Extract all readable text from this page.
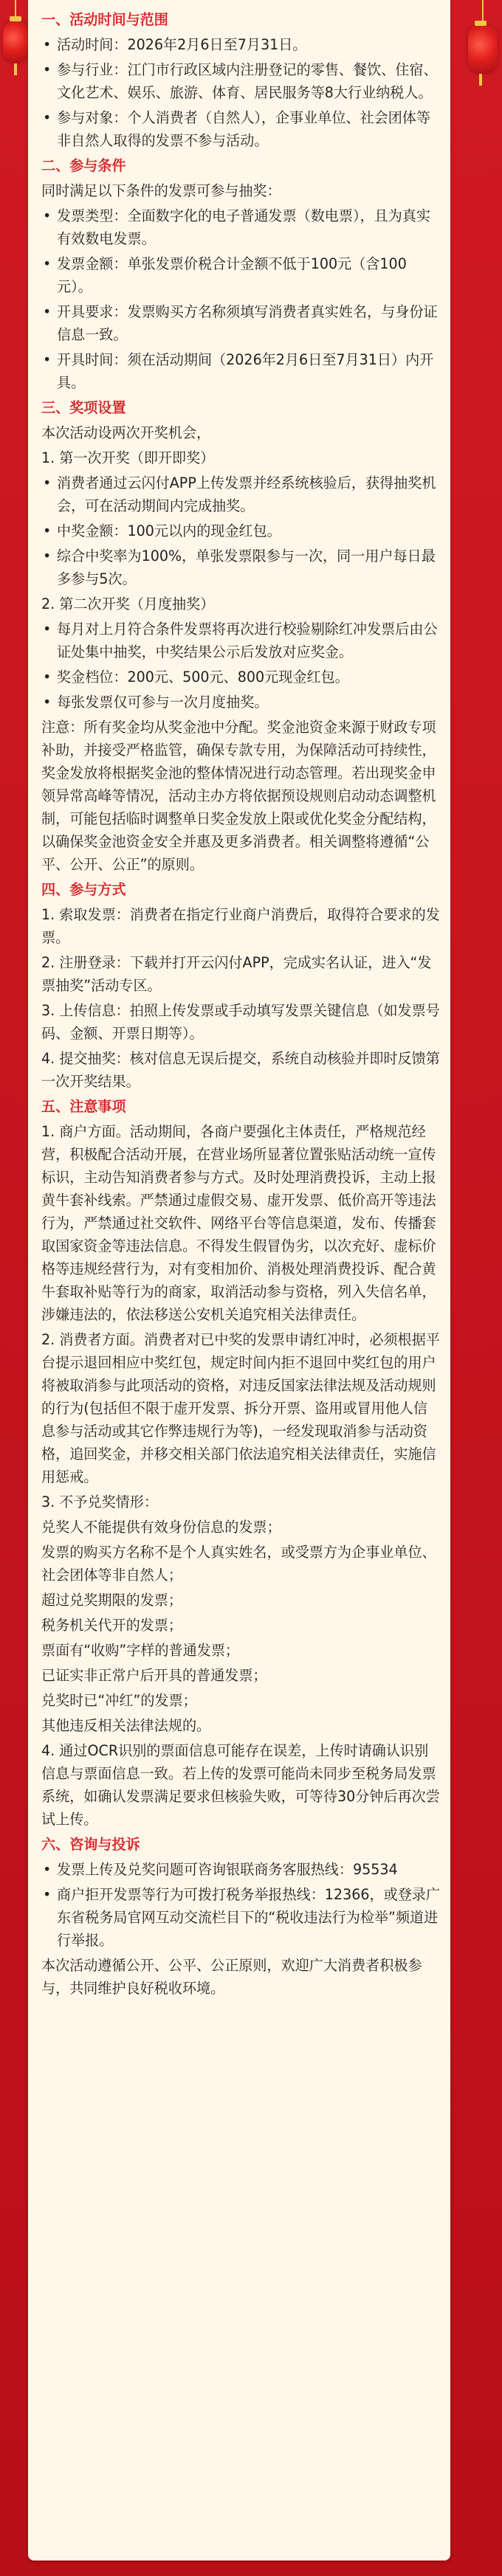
一、活动时间与范围
• 活动时间：2026年2月6日至7月31日。
• 参与行业：江门市行政区域内注册登记的零售、餐饮、住宿、文化艺术、娱乐、旅游、体育、居民服务等8大行业纳税人。
• 参与对象：个人消费者（自然人），企事业单位、社会团体等非自然人取得的发票不参与活动。
二、参与条件
同时满足以下条件的发票可参与抽奖：
• 发票类型：全面数字化的电子普通发票（数电票），且为真实有效数电发票。
• 发票金额：单张发票价税合计金额不低于100元（含100元）。
• 开具要求：发票购买方名称须填写消费者真实姓名，与身份证信息一致。
• 开具时间：须在活动期间（2026年2月6日至7月31日）内开具。
三、奖项设置
本次活动设两次开奖机会，
1. 第一次开奖（即开即奖）
• 消费者通过云闪付APP上传发票并经系统核验后，获得抽奖机会，可在活动期间内完成抽奖。
• 中奖金额：100元以内的现金红包。
• 综合中奖率为100%，单张发票限参与一次，同一用户每日最多参与5次。
2. 第二次开奖（月度抽奖）
• 每月对上月符合条件发票将再次进行校验剔除红冲发票后由公证处集中抽奖，中奖结果公示后发放对应奖金。
• 奖金档位：200元、500元、800元现金红包。
• 每张发票仅可参与一次月度抽奖。
注意：所有奖金均从奖金池中分配。奖金池资金来源于财政专项补助，并接受严格监管，确保专款专用，为保障活动可持续性，奖金发放将根据奖金池的整体情况进行动态管理。若出现奖金申领异常高峰等情况，活动主办方将依据预设规则启动动态调整机制，可能包括临时调整单日奖金发放上限或优化奖金分配结构，以确保奖金池资金安全并惠及更多消费者。相关调整将遵循“公平、公开、公正”的原则。
四、参与方式
1. 索取发票：消费者在指定行业商户消费后，取得符合要求的发票。
2. 注册登录：下载并打开云闪付APP，完成实名认证，进入“发票抽奖”活动专区。
3. 上传信息：拍照上传发票或手动填写发票关键信息（如发票号码、金额、开票日期等）。
4. 提交抽奖：核对信息无误后提交，系统自动核验并即时反馈第一次开奖结果。
五、注意事项
1. 商户方面。活动期间，各商户要强化主体责任，严格规范经营，积极配合活动开展，在营业场所显著位置张贴活动统一宣传标识，主动告知消费者参与方式。及时处理消费投诉，主动上报黄牛套补线索。严禁通过虚假交易、虚开发票、低价高开等违法行为，严禁通过社交软件、网络平台等信息渠道，发布、传播套取国家资金等违法信息。不得发生假冒伪劣，以次充好、虚标价格等违规经营行为，对有变相加价、消极处理消费投诉、配合黄牛套取补贴等行为的商家，取消活动参与资格，列入失信名单，涉嫌违法的，依法移送公安机关追究相关法律责任。
2. 消费者方面。消费者对已中奖的发票申请红冲时，必须根据平台提示退回相应中奖红包，规定时间内拒不退回中奖红包的用户将被取消参与此项活动的资格，对违反国家法律法规及活动规则的行为(包括但不限于虚开发票、拆分开票、盗用或冒用他人信息参与活动或其它作弊违规行为等)，一经发现取消参与活动资格，追回奖金，并移交相关部门依法追究相关法律责任，实施信用惩戒。
3. 不予兑奖情形：
兑奖人不能提供有效身份信息的发票；
发票的购买方名称不是个人真实姓名，或受票方为企事业单位、社会团体等非自然人；
超过兑奖期限的发票；
税务机关代开的发票；
票面有“收购”字样的普通发票；
已证实非正常户后开具的普通发票；
兑奖时已“冲红”的发票；
其他违反相关法律法规的。
4. 通过OCR识别的票面信息可能存在误差，上传时请确认识别信息与票面信息一致。若上传的发票可能尚未同步至税务局发票系统，如确认发票满足要求但核验失败，可等待30分钟后再次尝试上传。
六、咨询与投诉
• 发票上传及兑奖问题可咨询银联商务客服热线：95534
• 商户拒开发票等行为可拨打税务举报热线：12366，或登录广东省税务局官网互动交流栏目下的“税收违法行为检举”频道进行举报。
本次活动遵循公开、公平、公正原则，欢迎广大消费者积极参与，共同维护良好税收环境。
